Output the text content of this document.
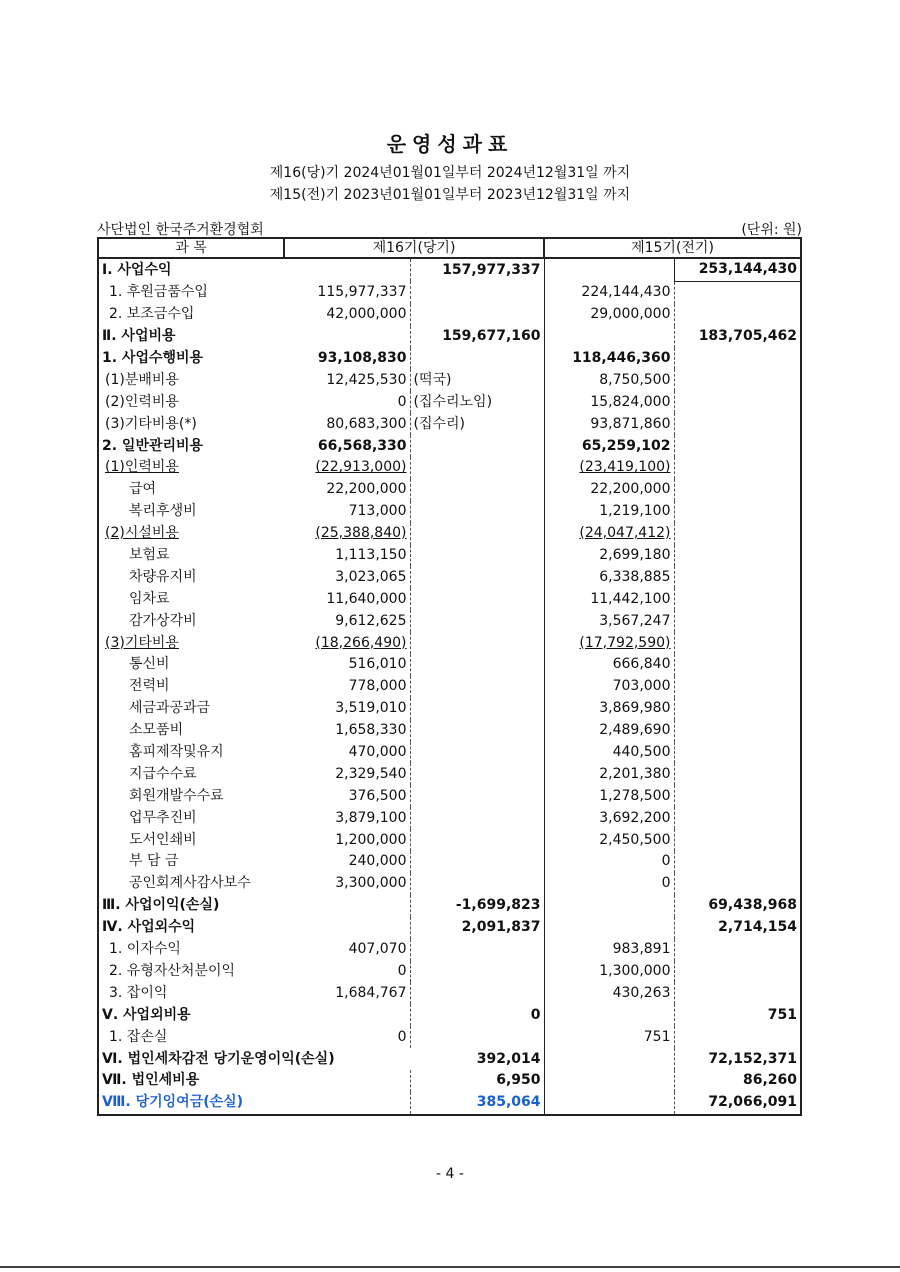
운영성과표
제16(당)기 2024년01월01일부터 2024년12월31일 까지
제15(전)기 2023년01월01일부터 2023년12월31일 까지
사단법인 한국주거환경협회	(단위: 원)
과 목	제16기(당기)		제15기(전기)	
Ⅰ. 사업수익		157,977,337		253,144,430
1. 후원금품수입	115,977,337		224,144,430	
2. 보조금수입	42,000,000		29,000,000	
Ⅱ. 사업비용		159,677,160		183,705,462
1. 사업수행비용	93,108,830		118,446,360	
(1)분배비용	12,425,530	(떡국)	8,750,500	
(2)인력비용	0	(집수리노임)	15,824,000	
(3)기타비용(*)	80,683,300	(집수리)	93,871,860	
2. 일반관리비용	66,568,330		65,259,102	
(1)인력비용	(22,913,000)		(23,419,100)	
급여	22,200,000		22,200,000	
복리후생비	713,000		1,219,100	
(2)시설비용	(25,388,840)		(24,047,412)	
보험료	1,113,150		2,699,180	
차량유지비	3,023,065		6,338,885	
임차료	11,640,000		11,442,100	
감가상각비	9,612,625		3,567,247	
(3)기타비용	(18,266,490)		(17,792,590)	
통신비	516,010		666,840	
전력비	778,000		703,000	
세금과공과금	3,519,010		3,869,980	
소모품비	1,658,330		2,489,690	
홈피제작및유지	470,000		440,500	
지급수수료	2,329,540		2,201,380	
회원개발수수료	376,500		1,278,500	
업무추진비	3,879,100		3,692,200	
도서인쇄비	1,200,000		2,450,500	
부 담 금	240,000		0	
공인회계사감사보수	3,300,000		0	
Ⅲ. 사업이익(손실)		-1,699,823		69,438,968
Ⅳ. 사업외수익		2,091,837		2,714,154
1. 이자수익	407,070		983,891	
2. 유형자산처분이익	0		1,300,000	
3. 잡이익	1,684,767		430,263	
Ⅴ. 사업외비용		0		751
1. 잡손실	0		751	
Ⅵ. 법인세차감전 당기운영이익(손실)		392,014		72,152,371
Ⅶ. 법인세비용		6,950		86,260
Ⅷ. 당기잉여금(손실)		385,064		72,066,091
- 4 -
